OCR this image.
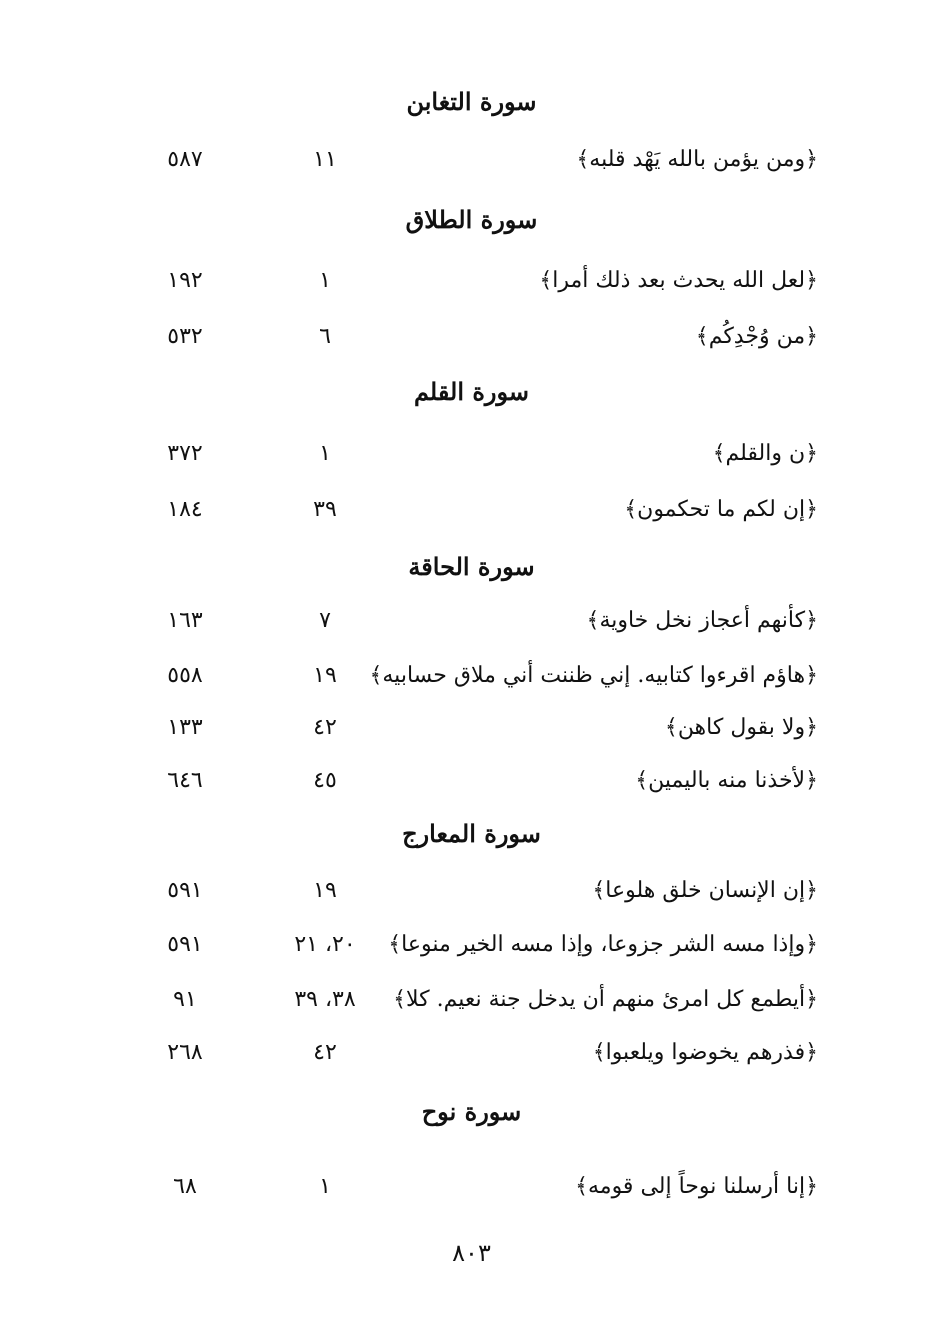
سورة التغابن
سورة الطلاق
سورة القلم
سورة الحاقة
سورة المعارج
سورة نوح
﴿ومن يؤمن بالله يَهْد قلبه﴾
١١
٥٨٧
﴿لعل الله يحدث بعد ذلك أمرا﴾
١
١٩٢
﴿من وُجْدِكُم﴾
٦
٥٣٢
﴿ن والقلم﴾
١
٣٧٢
﴿إن لكم ما تحكمون﴾
٣٩
١٨٤
﴿كأنهم أعجاز نخل خاوية﴾
٧
١٦٣
﴿هاؤم اقرءوا كتابيه. إني ظننت أني ملاق حسابيه﴾
١٩
٥٥٨
﴿ولا بقول كاهن﴾
٤٢
١٣٣
﴿لأخذنا منه باليمين﴾
٤٥
٦٤٦
﴿إن الإنسان خلق هلوعا﴾
١٩
٥٩١
﴿وإذا مسه الشر جزوعا، وإذا مسه الخير منوعا﴾
٢٠، ٢١
٥٩١
﴿أيطمع كل امرئ منهم أن يدخل جنة نعيم. كلا﴾
٣٨، ٣٩
٩١
﴿فذرهم يخوضوا ويلعبوا﴾
٤٢
٢٦٨
﴿إنا أرسلنا نوحاً إلى قومه﴾
١
٦٨
٨٠٣
